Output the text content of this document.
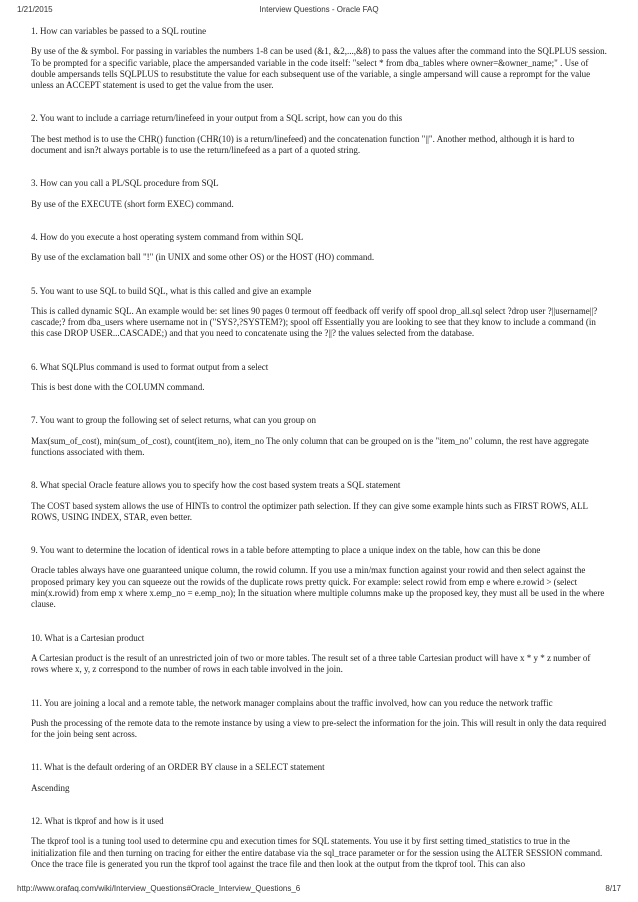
1/21/2015	Interview Questions - Oracle FAQ

1. How can variables be passed to a SQL routine

By use of the & symbol. For passing in variables the numbers 1-8 can be used (&1, &2,...,&8) to pass the values after the command into the SQLPLUS session. To be prompted for a specific variable, place the ampersanded variable in the code itself: "select * from dba_tables where owner=&owner_name;" . Use of double ampersands tells SQLPLUS to resubstitute the value for each subsequent use of the variable, a single ampersand will cause a reprompt for the value unless an ACCEPT statement is used to get the value from the user.

2. You want to include a carriage return/linefeed in your output from a SQL script, how can you do this

The best method is to use the CHR() function (CHR(10) is a return/linefeed) and the concatenation function "||". Another method, although it is hard to document and isn?t always portable is to use the return/linefeed as a part of a quoted string.

3. How can you call a PL/SQL procedure from SQL

By use of the EXECUTE (short form EXEC) command.

4. How do you execute a host operating system command from within SQL

By use of the exclamation ball "!" (in UNIX and some other OS) or the HOST (HO) command.

5. You want to use SQL to build SQL, what is this called and give an example

This is called dynamic SQL. An example would be: set lines 90 pages 0 termout off feedback off verify off spool drop_all.sql select ?drop user ?||username||? cascade;? from dba_users where username not in ("SYS?,?SYSTEM?); spool off Essentially you are looking to see that they know to include a command (in this case DROP USER...CASCADE;) and that you need to concatenate using the ?||? the values selected from the database.

6. What SQLPlus command is used to format output from a select

This is best done with the COLUMN command.

7. You want to group the following set of select returns, what can you group on

Max(sum_of_cost), min(sum_of_cost), count(item_no), item_no The only column that can be grouped on is the "item_no" column, the rest have aggregate functions associated with them.

8. What special Oracle feature allows you to specify how the cost based system treats a SQL statement

The COST based system allows the use of HINTs to control the optimizer path selection. If they can give some example hints such as FIRST ROWS, ALL ROWS, USING INDEX, STAR, even better.

9. You want to determine the location of identical rows in a table before attempting to place a unique index on the table, how can this be done

Oracle tables always have one guaranteed unique column, the rowid column. If you use a min/max function against your rowid and then select against the proposed primary key you can squeeze out the rowids of the duplicate rows pretty quick. For example: select rowid from emp e where e.rowid > (select min(x.rowid) from emp x where x.emp_no = e.emp_no); In the situation where multiple columns make up the proposed key, they must all be used in the where clause.

10. What is a Cartesian product

A Cartesian product is the result of an unrestricted join of two or more tables. The result set of a three table Cartesian product will have x * y * z number of rows where x, y, z correspond to the number of rows in each table involved in the join.

11. You are joining a local and a remote table, the network manager complains about the traffic involved, how can you reduce the network traffic

Push the processing of the remote data to the remote instance by using a view to pre-select the information for the join. This will result in only the data required for the join being sent across.

11. What is the default ordering of an ORDER BY clause in a SELECT statement

Ascending

12. What is tkprof and how is it used

The tkprof tool is a tuning tool used to determine cpu and execution times for SQL statements. You use it by first setting timed_statistics to true in the initialization file and then turning on tracing for either the entire database via the sql_trace parameter or for the session using the ALTER SESSION command. Once the trace file is generated you run the tkprof tool against the trace file and then look at the output from the tkprof tool. This can also

http://www.orafaq.com/wiki/Interview_Questions#Oracle_Interview_Questions_6	8/17
